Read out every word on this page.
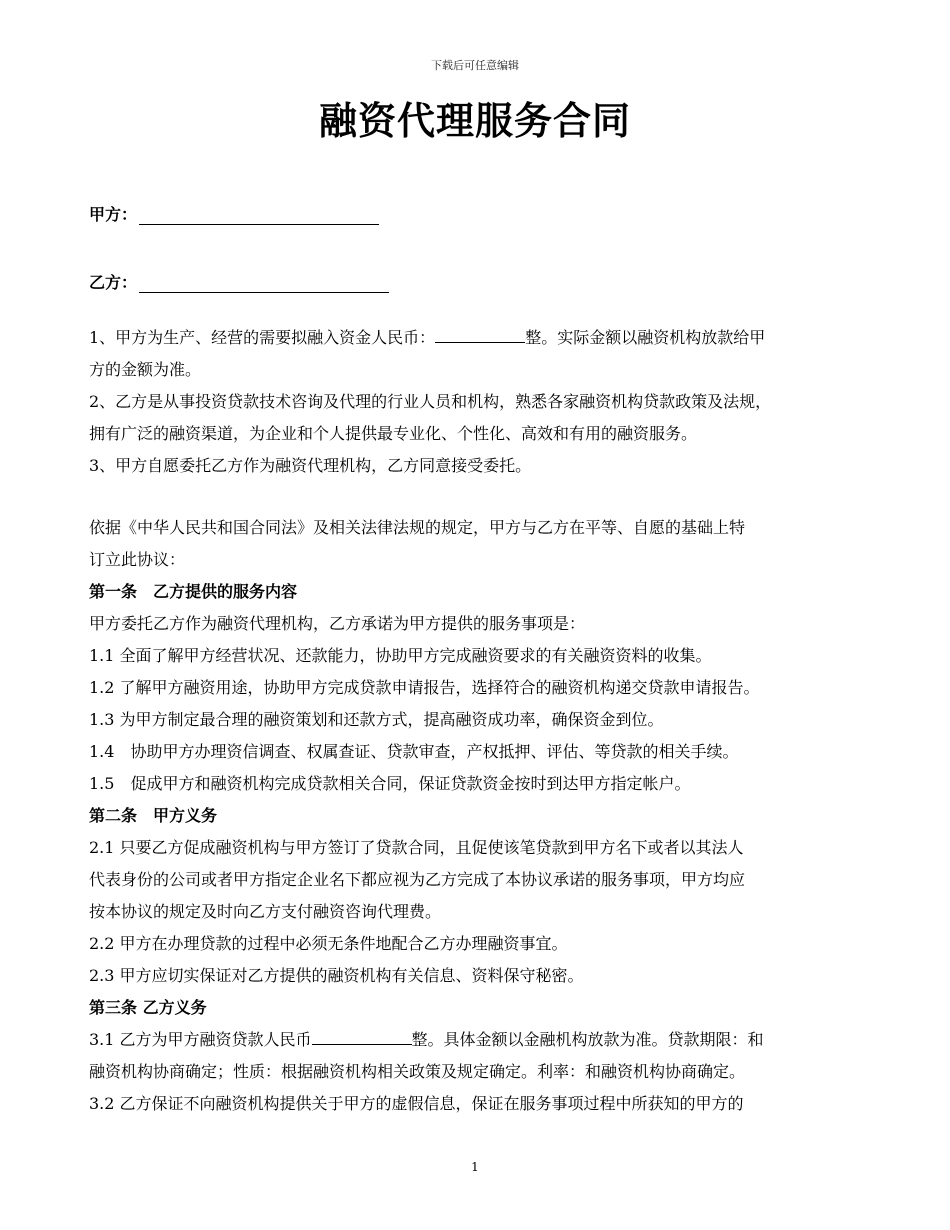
下载后可任意编辑
融资代理服务合同
甲方：
乙方：
1、甲方为生产、经营的需要拟融入资金人民币：	整。实际金额以融资机构放款给甲
方的金额为准。
2、乙方是从事投资贷款技术咨询及代理的行业人员和机构，熟悉各家融资机构贷款政策及法规，
拥有广泛的融资渠道，为企业和个人提供最专业化、个性化、高效和有用的融资服务。
3、甲方自愿委托乙方作为融资代理机构，乙方同意接受委托。
依据《中华人民共和国合同法》及相关法律法规的规定，甲方与乙方在平等、自愿的基础上特
订立此协议：
第一条　乙方提供的服务内容
甲方委托乙方作为融资代理机构，乙方承诺为甲方提供的服务事项是：
1.1 全面了解甲方经营状况、还款能力，协助甲方完成融资要求的有关融资资料的收集。
1.2 了解甲方融资用途，协助甲方完成贷款申请报告，选择符合的融资机构递交贷款申请报告。
1.3 为甲方制定最合理的融资策划和还款方式，提高融资成功率，确保资金到位。
1.4　协助甲方办理资信调查、权属查证、贷款审查，产权抵押、评估、等贷款的相关手续。
1.5　促成甲方和融资机构完成贷款相关合同，保证贷款资金按时到达甲方指定帐户。
第二条　甲方义务
2.1 只要乙方促成融资机构与甲方签订了贷款合同，且促使该笔贷款到甲方名下或者以其法人
代表身份的公司或者甲方指定企业名下都应视为乙方完成了本协议承诺的服务事项，甲方均应
按本协议的规定及时向乙方支付融资咨询代理费。
2.2 甲方在办理贷款的过程中必须无条件地配合乙方办理融资事宜。
2.3 甲方应切实保证对乙方提供的融资机构有关信息、资料保守秘密。
第三条 乙方义务
3.1 乙方为甲方融资贷款人民币	整。具体金额以金融机构放款为准。贷款期限：和
融资机构协商确定；性质：根据融资机构相关政策及规定确定。利率：和融资机构协商确定。
3.2 乙方保证不向融资机构提供关于甲方的虚假信息，保证在服务事项过程中所获知的甲方的
1
